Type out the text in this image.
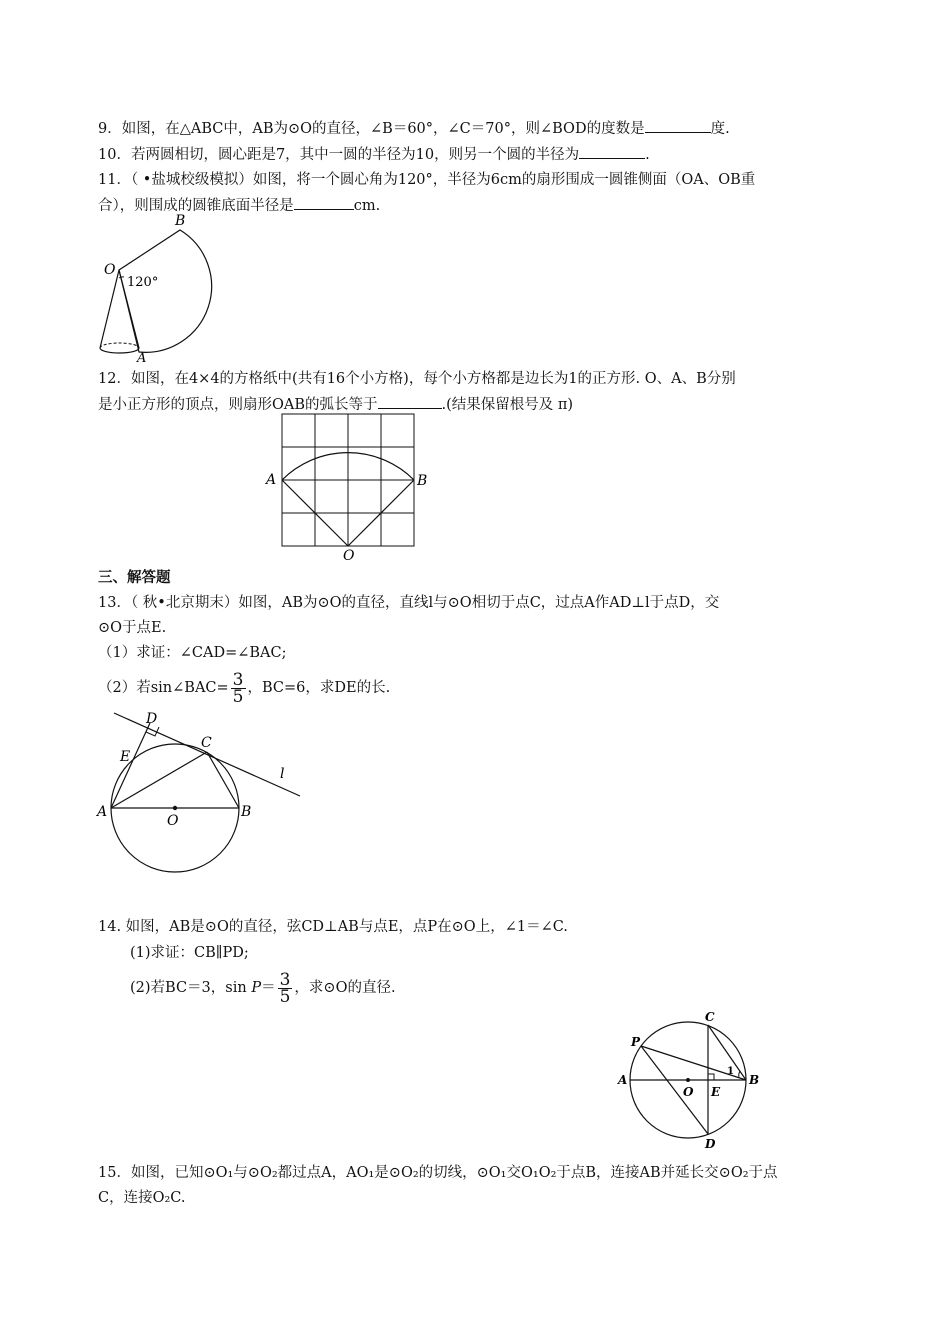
9．如图，在△ABC中，AB为⊙O的直径，∠B＝60°，∠C＝70°，则∠BOD的度数是	度.
10．若两圆相切，圆心距是7，其中一圆的半径为10，则另一个圆的半径为	.
11．（ •盐城校级模拟）如图，将一个圆心角为120°，半径为6cm的扇形围成一圆锥侧面（OA、OB重
合），则围成的圆锥底面半径是	cm.
B
O
120°
A
12．如图，在4×4的方格纸中(共有16个小方格)，每个小方格都是边长为1的正方形. O、A、B分别
是小正方形的顶点，则扇形OAB的弧长等于	.(结果保留根号及 π)
A	B
O
三、解答题
13．（ 秋•北京期末）如图，AB为⊙O的直径，直线l与⊙O相切于点C，过点A作AD⊥l于点D，交
⊙O于点E.
（1）求证：∠CAD=∠BAC;
（2）若sin∠BAC= $\frac{3}{5}$ ，BC=6，求DE的长.
D
E
C
l
A
O
B
14. 如图，AB是⊙O的直径，弦CD⊥AB与点E，点P在⊙O上，∠1＝∠C.
(1)求证：CB∥PD;
(2)若BC＝3，$\sin P= \frac{3}{5}$ ，求⊙O的直径.
C
P
A
O E
B
D
1
15．如图，已知⊙O₁与⊙O₂都过点A，AO₁是⊙O₂的切线，⊙O₁交O₁O₂于点B，连接AB并延长交⊙O₂于点
C，连接O₂C.
